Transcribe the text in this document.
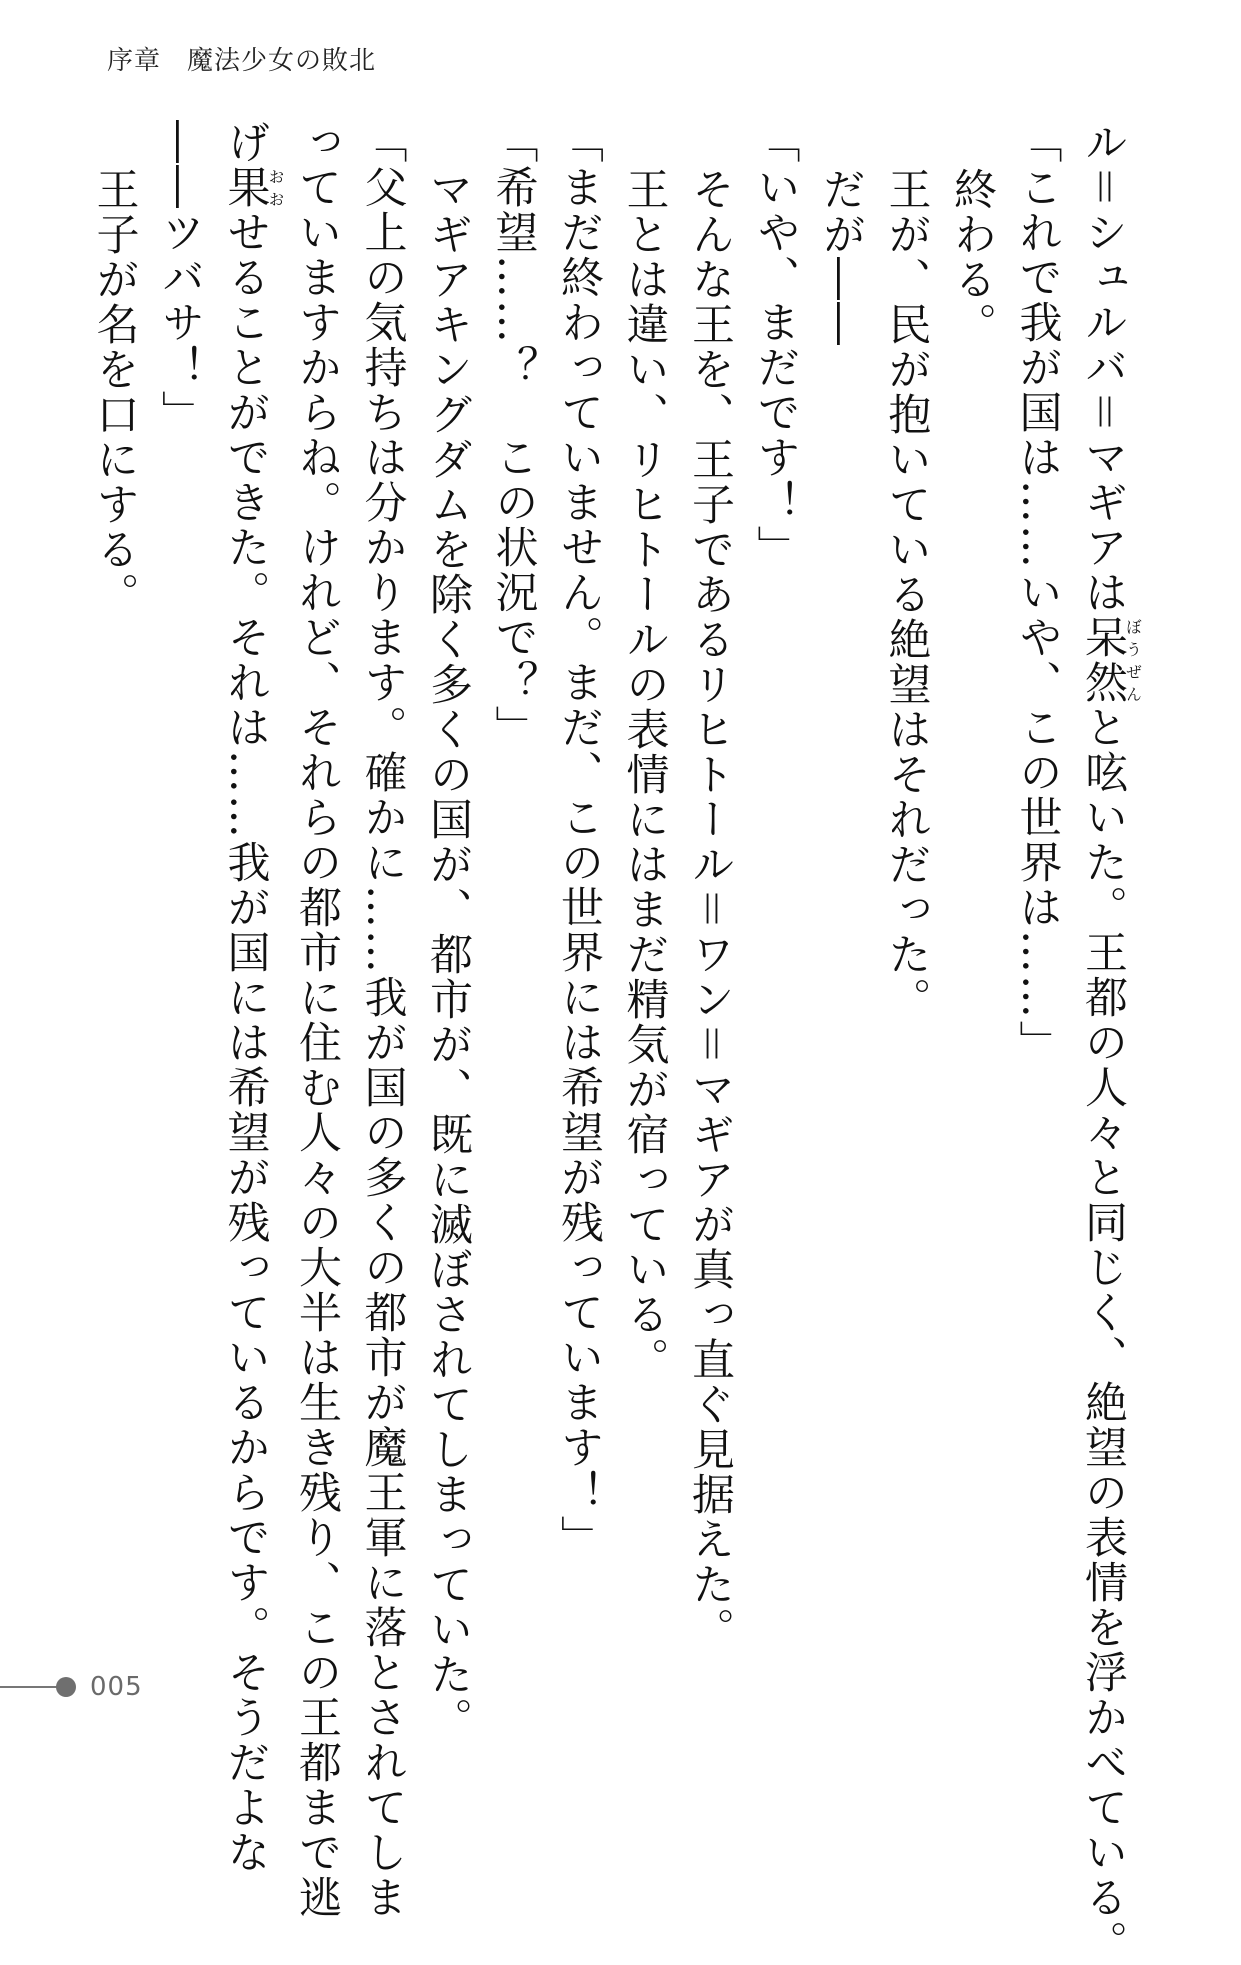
序章 魔法少女の敗北

ル＝シュルバ＝マギアは呆然ぼうぜんと呟いた。王都の人々と同じく、絶望の表情を浮かべている。

「これで我が国は……いや、この世界は……」

終わる。

王が、民が抱いている絶望はそれだった。

だが――

「いや、まだです！」

そんな王を、王子であるリヒトール＝ワン＝マギアが真っ直ぐ見据えた。

王とは違い、リヒトールの表情にはまだ精気が宿っている。

「まだ終わっていません。まだ、この世界には希望が残っています！」

「希望……？　この状況で？」

マギアキングダムを除く多くの国が、都市が、既に滅ぼされてしまっていた。

「父上の気持ちは分かります。確かに……我が国の多くの都市が魔王軍に落とされてしま

っていますからね。けれど、それらの都市に住む人々の大半は生き残り、この王都まで逃

げ果おおせることができた。それは……我が国には希望が残っているからです。そうだよな

――ツバサ！」

王子が名を口にする。

005
